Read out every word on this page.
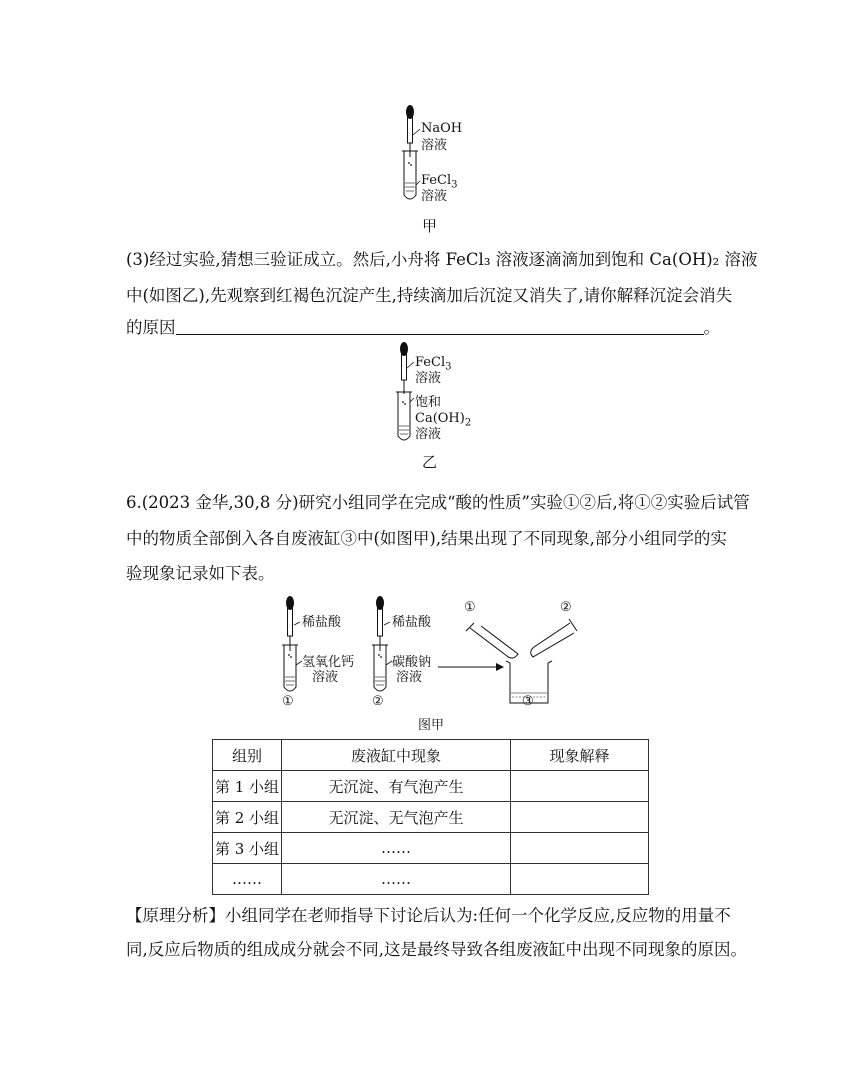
NaOH
溶液
FeCl$_3$
溶液
甲
(3)经过实验,猜想三验证成立。然后,小舟将 FeCl₃ 溶液逐滴滴加到饱和 Ca(OH)₂ 溶液
中(如图乙),先观察到红褐色沉淀产生,持续滴加后沉淀又消失了,请你解释沉淀会消失
的原因	。
FeCl$_3$
溶液
饱和
$Ca(OH)_2$
溶液
乙
6.(2023 金华,30,8 分)研究小组同学在完成“酸的性质”实验①②后,将①②实验后试管
中的物质全部倒入各自废液缸③中(如图甲),结果出现了不同现象,部分小组同学的实
验现象记录如下表。
稀盐酸
氢氧化钙
溶液
①
稀盐酸
碳酸钠
溶液
②
①	②
③
图甲
组别	废液缸中现象	现象解释
第 1 小组	无沉淀、有气泡产生	
第 2 小组	无沉淀、无气泡产生	
第 3 小组	……	
……	……	
【原理分析】小组同学在老师指导下讨论后认为:任何一个化学反应,反应物的用量不
同,反应后物质的组成成分就会不同,这是最终导致各组废液缸中出现不同现象的原因。
